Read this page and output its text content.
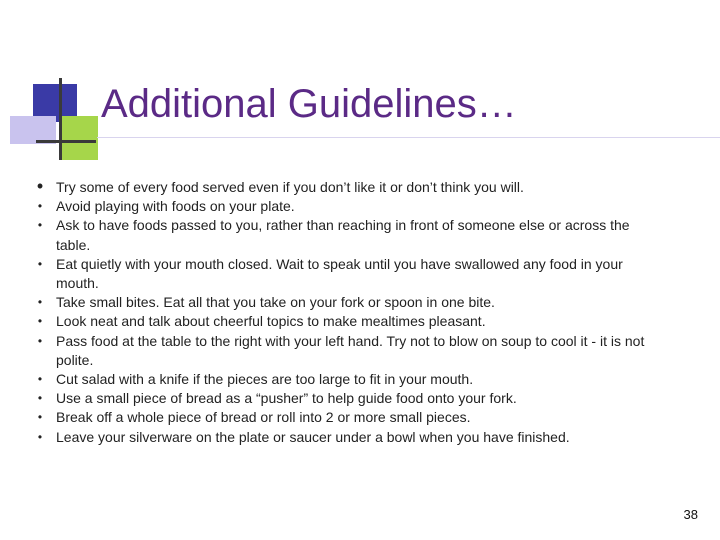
Additional Guidelines…
• Try some of every food served even if you don’t like it or don’t think you will.
• Avoid playing with foods on your plate.
• Ask to have foods passed to you, rather than reaching in front of someone else or across the table.
• Eat quietly with your mouth closed. Wait to speak until you have swallowed any food in your mouth.
• Take small bites. Eat all that you take on your fork or spoon in one bite.
• Look neat and talk about cheerful topics to make mealtimes pleasant.
• Pass food at the table to the right with your left hand. Try not to blow on soup to cool it - it is not polite.
• Cut salad with a knife if the pieces are too large to fit in your mouth.
• Use a small piece of bread as a “pusher” to help guide food onto your fork.
• Break off a whole piece of bread or roll into 2 or more small pieces.
• Leave your silverware on the plate or saucer under a bowl when you have finished.
38
